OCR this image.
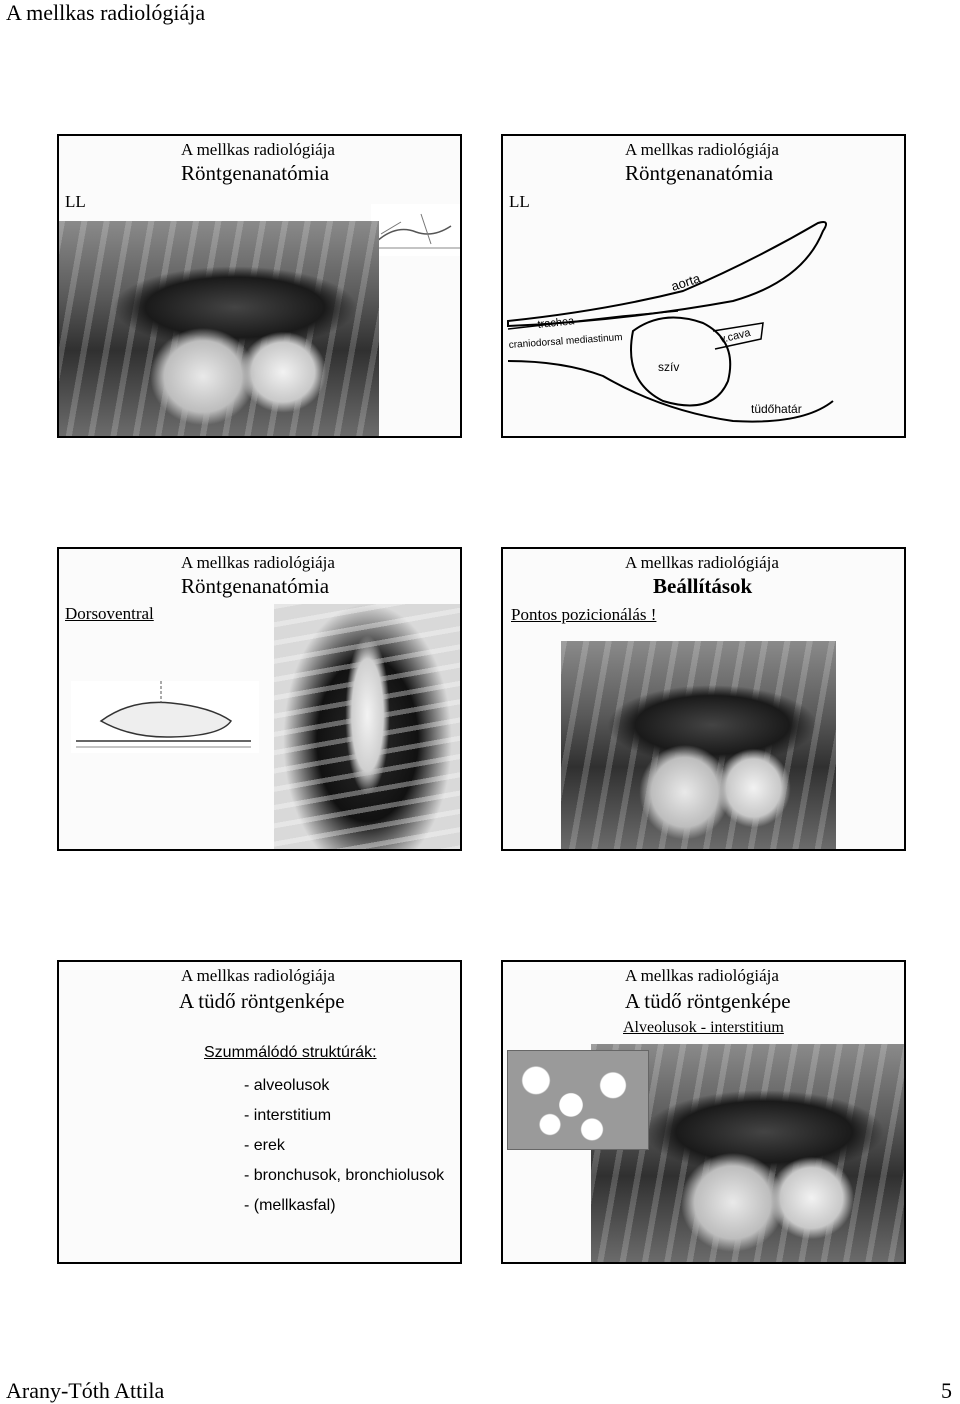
A mellkas radiológiája
A mellkas radiológiája
Röntgenanatómia
LL
A mellkas radiológiája
Röntgenanatómia
LL
aorta
trachea
craniodorsal mediastinum
szív
v.cava
tüdőhatár
A mellkas radiológiája
Röntgenanatómia
Dorsoventral
A mellkas radiológiája
Beállítások
Pontos pozicionálás !
A mellkas radiológiája
A tüdő röntgenképe
Szummálódó struktúrák:
- alveolusok
- interstitium
- erek
- bronchusok, bronchiolusok
- (mellkasfal)
A mellkas radiológiája
A tüdő röntgenképe
Alveolusok - interstitium
Arany-Tóth Attila	5
